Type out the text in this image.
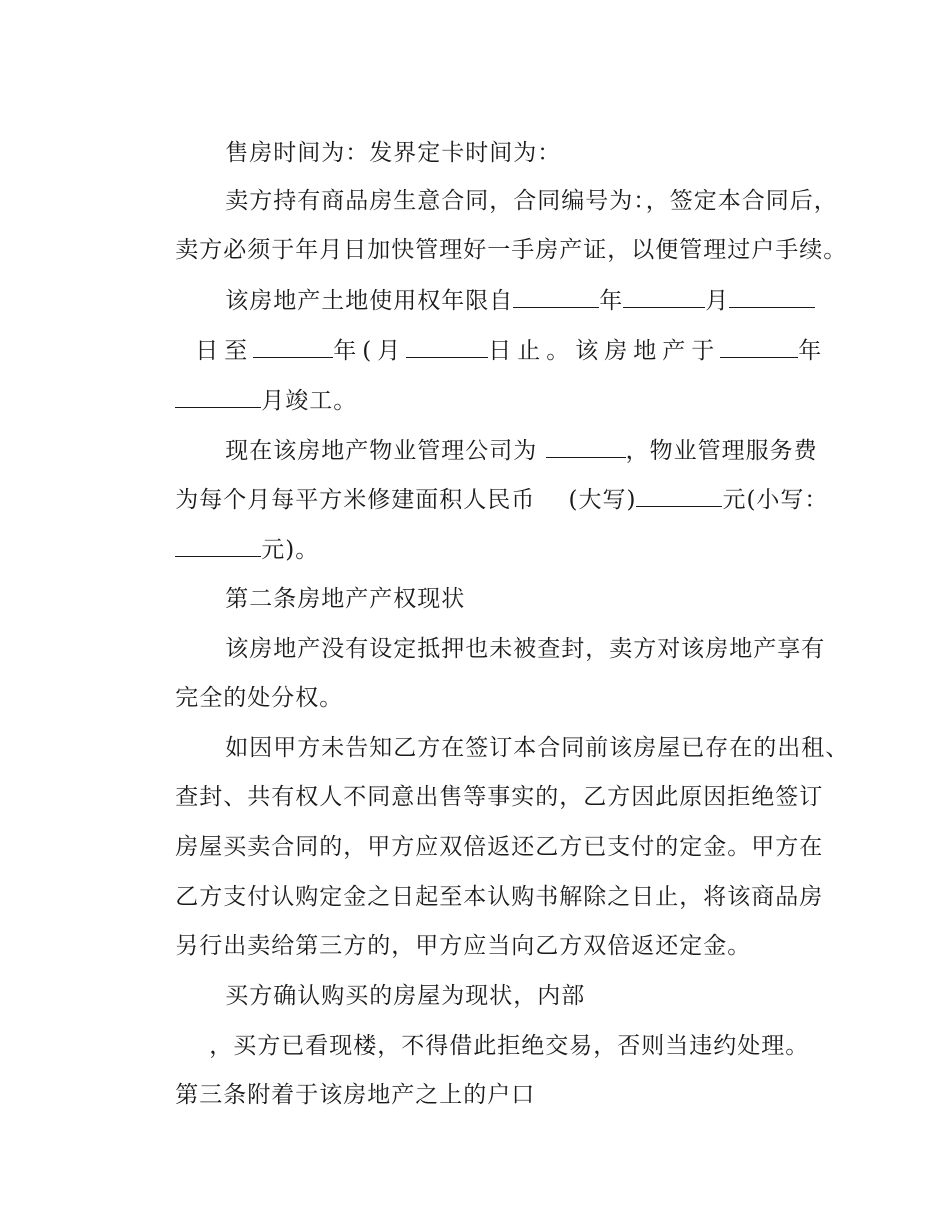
售房时间为：发界定卡时间为：

卖方持有商品房生意合同，合同编号为：，签定本合同后，

卖方必须于年月日加快管理好一手房产证，以便管理过户手续。

该房地产土地使用权年限自	年	月

日至	年(月	日止。该房地产于	年

月竣工。

现在该房地产物业管理公司为	，物业管理服务费

为每个月每平方米修建面积人民币 (大写)	元(小写：

元)。

第二条房地产产权现状

该房地产没有设定抵押也未被查封，卖方对该房地产享有

完全的处分权。

如因甲方未告知乙方在签订本合同前该房屋已存在的出租、

查封、共有权人不同意出售等事实的，乙方因此原因拒绝签订

房屋买卖合同的，甲方应双倍返还乙方已支付的定金。甲方在

乙方支付认购定金之日起至本认购书解除之日止，将该商品房

另行出卖给第三方的，甲方应当向乙方双倍返还定金。

买方确认购买的房屋为现状，内部

，买方已看现楼，不得借此拒绝交易，否则当违约处理。

第三条附着于该房地产之上的户口
